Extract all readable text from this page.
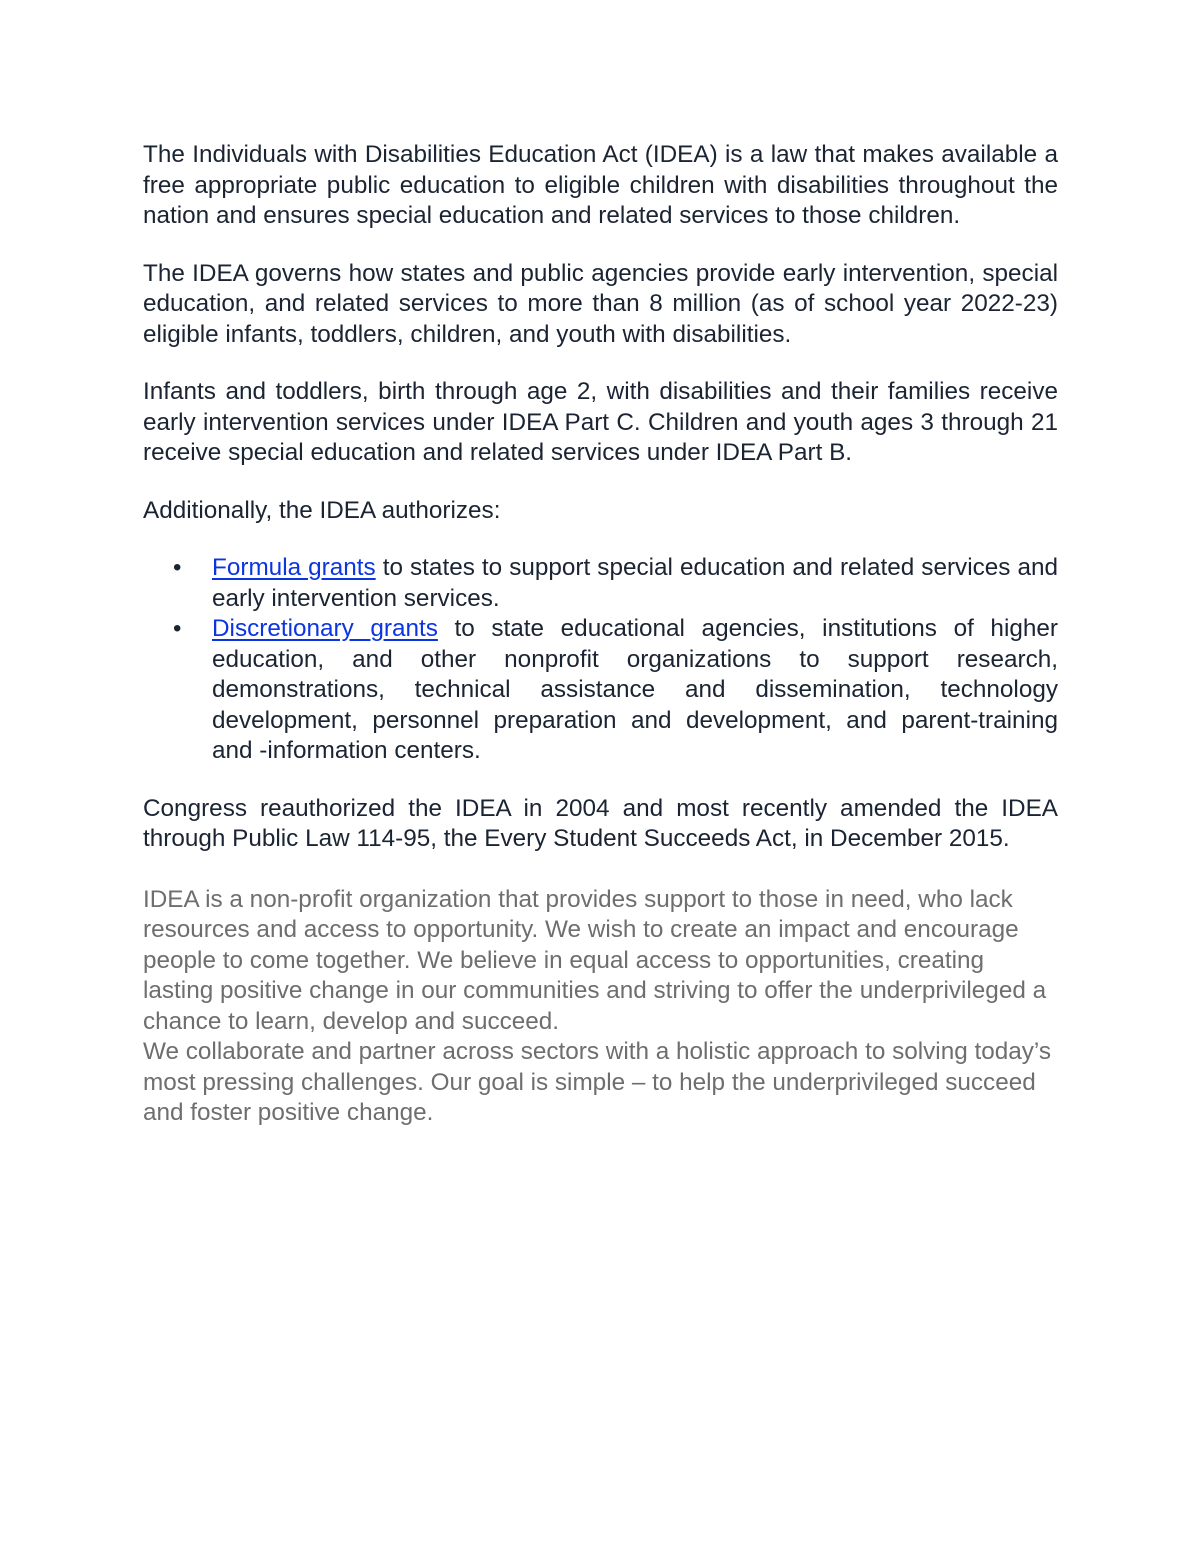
The Individuals with Disabilities Education Act (IDEA) is a law that makes available a free appropriate public education to eligible children with disabilities throughout the nation and ensures special education and related services to those children.

The IDEA governs how states and public agencies provide early intervention, special education, and related services to more than 8 million (as of school year 2022-23) eligible infants, toddlers, children, and youth with disabilities.

Infants and toddlers, birth through age 2, with disabilities and their families receive early intervention services under IDEA Part C. Children and youth ages 3 through 21 receive special education and related services under IDEA Part B.

Additionally, the IDEA authorizes:

• Formula grants to states to support special education and related services and early intervention services.
• Discretionary grants to state educational agencies, institutions of higher education, and other nonprofit organizations to support research, demonstrations, technical assistance and dissemination, technology development, personnel preparation and development, and parent-training and -information centers.

Congress reauthorized the IDEA in 2004 and most recently amended the IDEA through Public Law 114-95, the Every Student Succeeds Act, in December 2015.

IDEA is a non-profit organization that provides support to those in need, who lack resources and access to opportunity. We wish to create an impact and encourage people to come together. We believe in equal access to opportunities, creating lasting positive change in our communities and striving to offer the underprivileged a chance to learn, develop and succeed.

We collaborate and partner across sectors with a holistic approach to solving today’s most pressing challenges. Our goal is simple – to help the underprivileged succeed and foster positive change.
